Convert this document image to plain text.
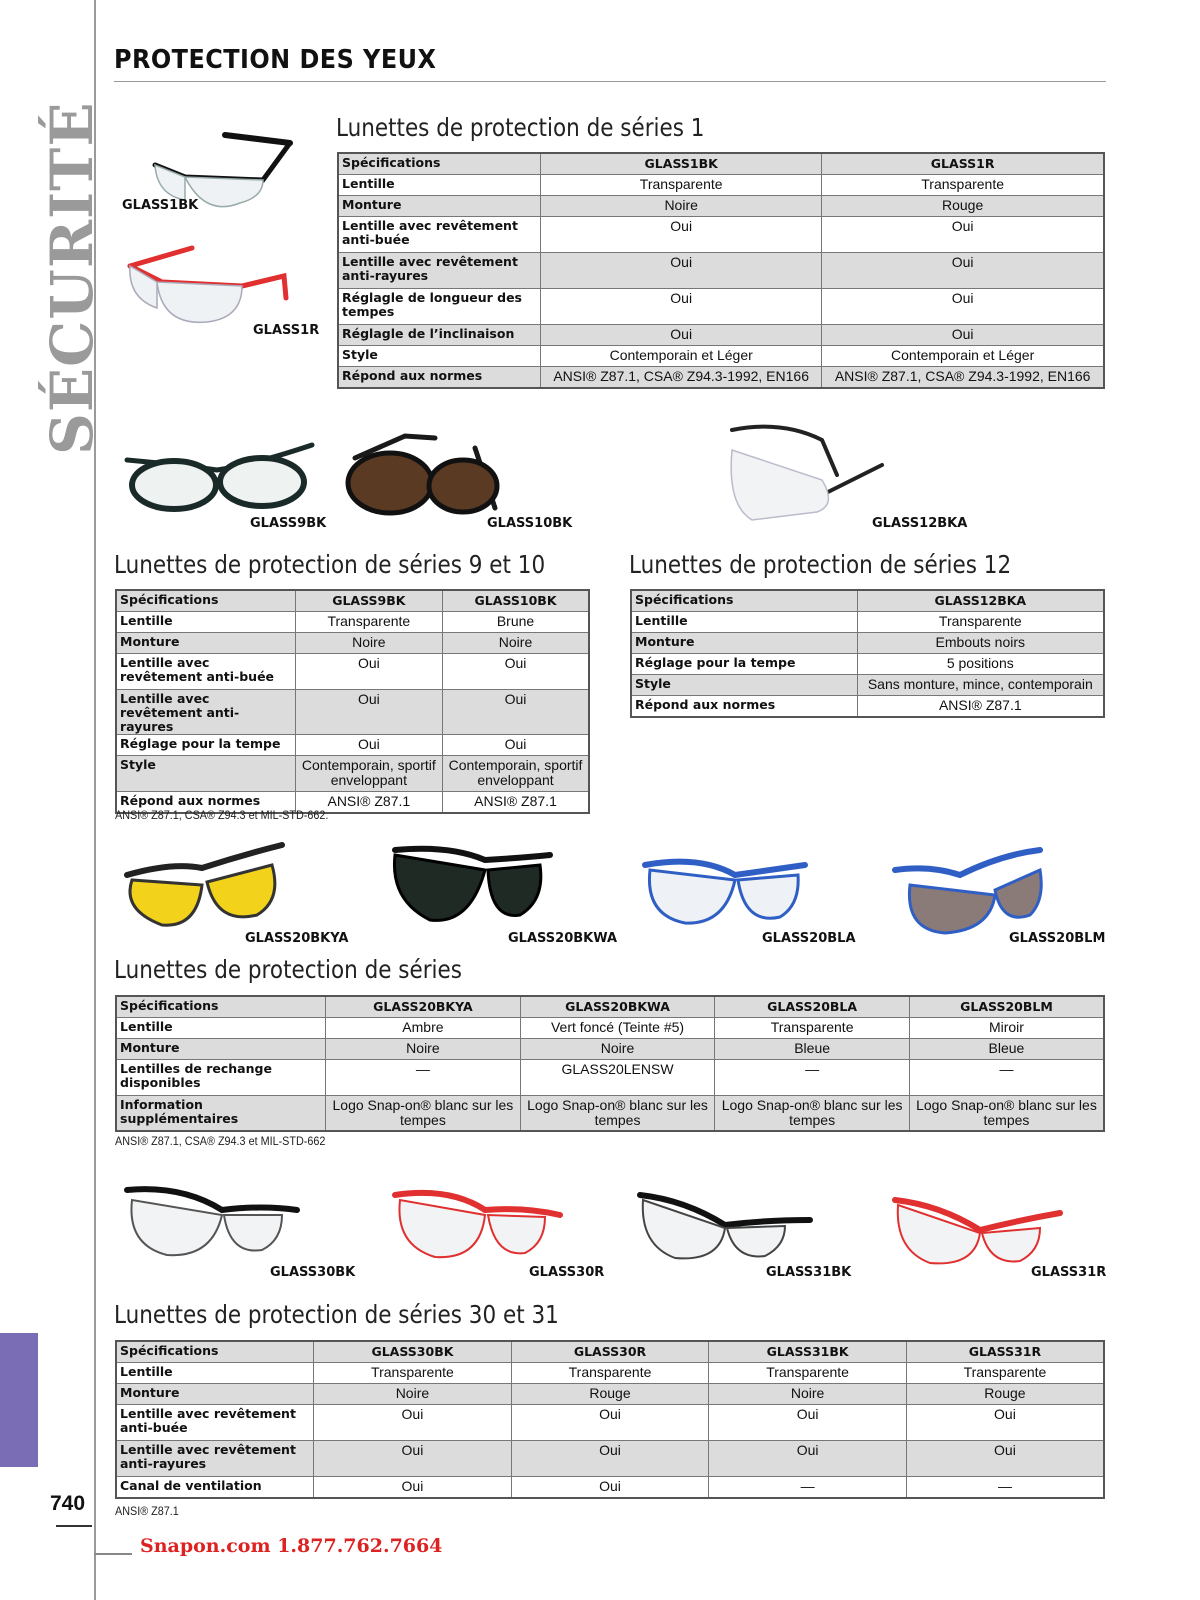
SÉCURITÉ
740
Snapon.com 1.877.762.7664
PROTECTION DES YEUX
GLASS1BK
GLASS1R
Lunettes de protection de séries 1
Spécifications	GLASS1BK	GLASS1R
Lentille	Transparente	Transparente
Monture	Noire	Rouge
Lentille avec revêtement anti-buée	Oui	Oui
Lentille avec revêtement anti-rayures	Oui	Oui
Réglagle de longueur des tempes	Oui	Oui
Réglagle de l’inclinaison	Oui	Oui
Style	Contemporain et Léger	Contemporain et Léger
Répond aux normes	ANSI® Z87.1, CSA® Z94.3-1992, EN166	ANSI® Z87.1, CSA® Z94.3-1992, EN166
GLASS9BK	GLASS10BK	GLASS12BKA
Lunettes de protection de séries 9 et 10
Spécifications	GLASS9BK	GLASS10BK
Lentille	Transparente	Brune
Monture	Noire	Noire
Lentille avec revêtement anti-buée	Oui	Oui
Lentille avec revêtement anti-rayures	Oui	Oui
Réglage pour la tempe	Oui	Oui
Style	Contemporain, sportif enveloppant	Contemporain, sportif enveloppant
Répond aux normes	ANSI® Z87.1	ANSI® Z87.1
ANSI® Z87.1, CSA® Z94.3 et MIL-STD-662.
Lunettes de protection de séries 12
Spécifications	GLASS12BKA
Lentille	Transparente
Monture	Embouts noirs
Réglage pour la tempe	5 positions
Style	Sans monture, mince, contemporain
Répond aux normes	ANSI® Z87.1
GLASS20BKYA	GLASS20BKWA	GLASS20BLA	GLASS20BLM
Lunettes de protection de séries
Spécifications	GLASS20BKYA	GLASS20BKWA	GLASS20BLA	GLASS20BLM
Lentille	Ambre	Vert foncé (Teinte #5)	Transparente	Miroir
Monture	Noire	Noire	Bleue	Bleue
Lentilles de rechange disponibles	—	GLASS20LENSW	—	—
Information supplémentaires	Logo Snap-on® blanc sur les tempes	Logo Snap-on® blanc sur les tempes	Logo Snap-on® blanc sur les tempes	Logo Snap-on® blanc sur les tempes
ANSI® Z87.1, CSA® Z94.3 et MIL-STD-662
GLASS30BK	GLASS30R	GLASS31BK	GLASS31R
Lunettes de protection de séries 30 et 31
Spécifications	GLASS30BK	GLASS30R	GLASS31BK	GLASS31R
Lentille	Transparente	Transparente	Transparente	Transparente
Monture	Noire	Rouge	Noire	Rouge
Lentille avec revêtement anti-buée	Oui	Oui	Oui	Oui
Lentille avec revêtement anti-rayures	Oui	Oui	Oui	Oui
Canal de ventilation	Oui	Oui	—	—
ANSI® Z87.1
